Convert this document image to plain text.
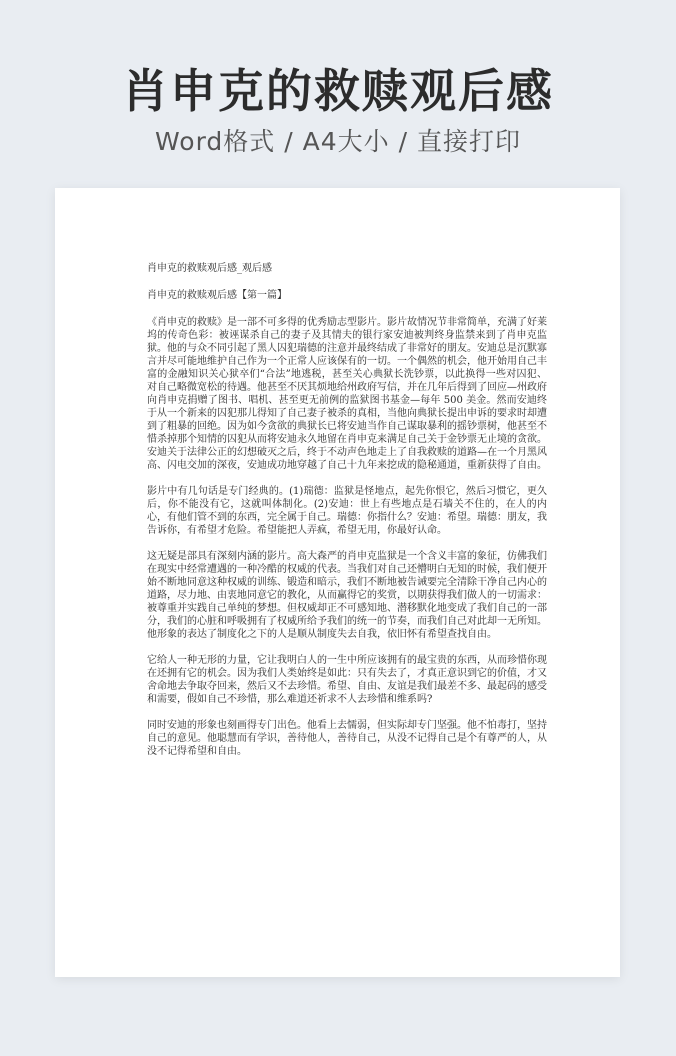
肖申克的救赎观后感
Word格式 / A4大小 / 直接打印
肖申克的救赎观后感_观后感
肖申克的救赎观后感【第一篇】

《肖申克的救赎》是一部不可多得的优秀励志型影片。影片故情况节非常简单，充满了好莱坞的传奇色彩：被诬谋杀自己的妻子及其情夫的银行家安迪被判终身监禁来到了肖申克监狱。他的与众不同引起了黑人囚犯瑞德的注意并最终结成了非常好的朋友。安迪总是沉默寡言并尽可能地维护自己作为一个正常人应该保有的一切。一个偶然的机会，他开始用自己丰富的金融知识关心狱卒们“合法”地逃税，甚至关心典狱长洗钞票，以此换得一些对囚犯、对自己略微宽松的待遇。他甚至不厌其烦地给州政府写信，并在几年后得到了回应—州政府向肖申克捐赠了图书、唱机、甚至更无前例的监狱图书基金—每年 500 美金。然而安迪终于从一个新来的囚犯那儿得知了自己妻子被杀的真相，当他向典狱长提出申诉的要求时却遭到了粗暴的回绝。因为如今贪欲的典狱长已将安迪当作自己谋取暴利的摇钞票树，他甚至不惜杀掉那个知情的囚犯从而将安迪永久地留在肖申克来满足自己关于金钞票无止境的贪欲。安迪关于法律公正的幻想破灭之后，终于不动声色地走上了自我救赎的道路—在一个月黑风高、闪电交加的深夜，安迪成功地穿越了自己十九年来挖成的隐秘通道，重新获得了自由。

影片中有几句话是专门经典的。(1)瑞德：监狱是怪地点，起先你恨它，然后习惯它，更久后，你不能没有它，这就叫体制化。(2)安迪：世上有些地点是石墙关不住的，在人的内心，有他们管不到的东西，完全属于自己。瑞德：你指什么？安迪：希望。瑞德：朋友，我告诉你，有希望才危险。希望能把人弄疯，希望无用，你最好认命。

这无疑是部具有深刻内涵的影片。高大森严的肖申克监狱是一个含义丰富的象征，仿佛我们在现实中经常遭遇的一种冷酷的权威的代表。当我们对自己还懵明白无知的时候，我们便开始不断地同意这种权威的训练、锻造和暗示，我们不断地被告诫要完全清除干净自己内心的道路，尽力地、由衷地同意它的教化，从而赢得它的奖赏，以期获得我们做人的一切需求：被尊重并实践自己单纯的梦想。但权威却正不可感知地、潜移默化地变成了我们自己的一部分，我们的心脏和呼吸拥有了权威所给予我们的统一的节奏，而我们自己对此却一无所知。他形象的表达了制度化之下的人是顺从制度失去自我，依旧怀有希望查找自由。

它给人一种无形的力量，它让我明白人的一生中所应该拥有的最宝贵的东西，从而珍惜你现在还拥有它的机会。因为我们人类始终是如此：只有失去了，才真正意识到它的价值，才又舍命地去争取夺回来，然后又不去珍惜。希望、自由、友谊是我们最差不多、最起码的感受和需要，假如自己不珍惜，那么难道还祈求不人去珍惜和维系吗?

同时安迪的形象也刻画得专门出色。他看上去懦弱，但实际却专门坚强。他不怕毒打，坚持自己的意见。他聪慧而有学识，善待他人，善待自己，从没不记得自己是个有尊严的人，从没不记得希望和自由。
